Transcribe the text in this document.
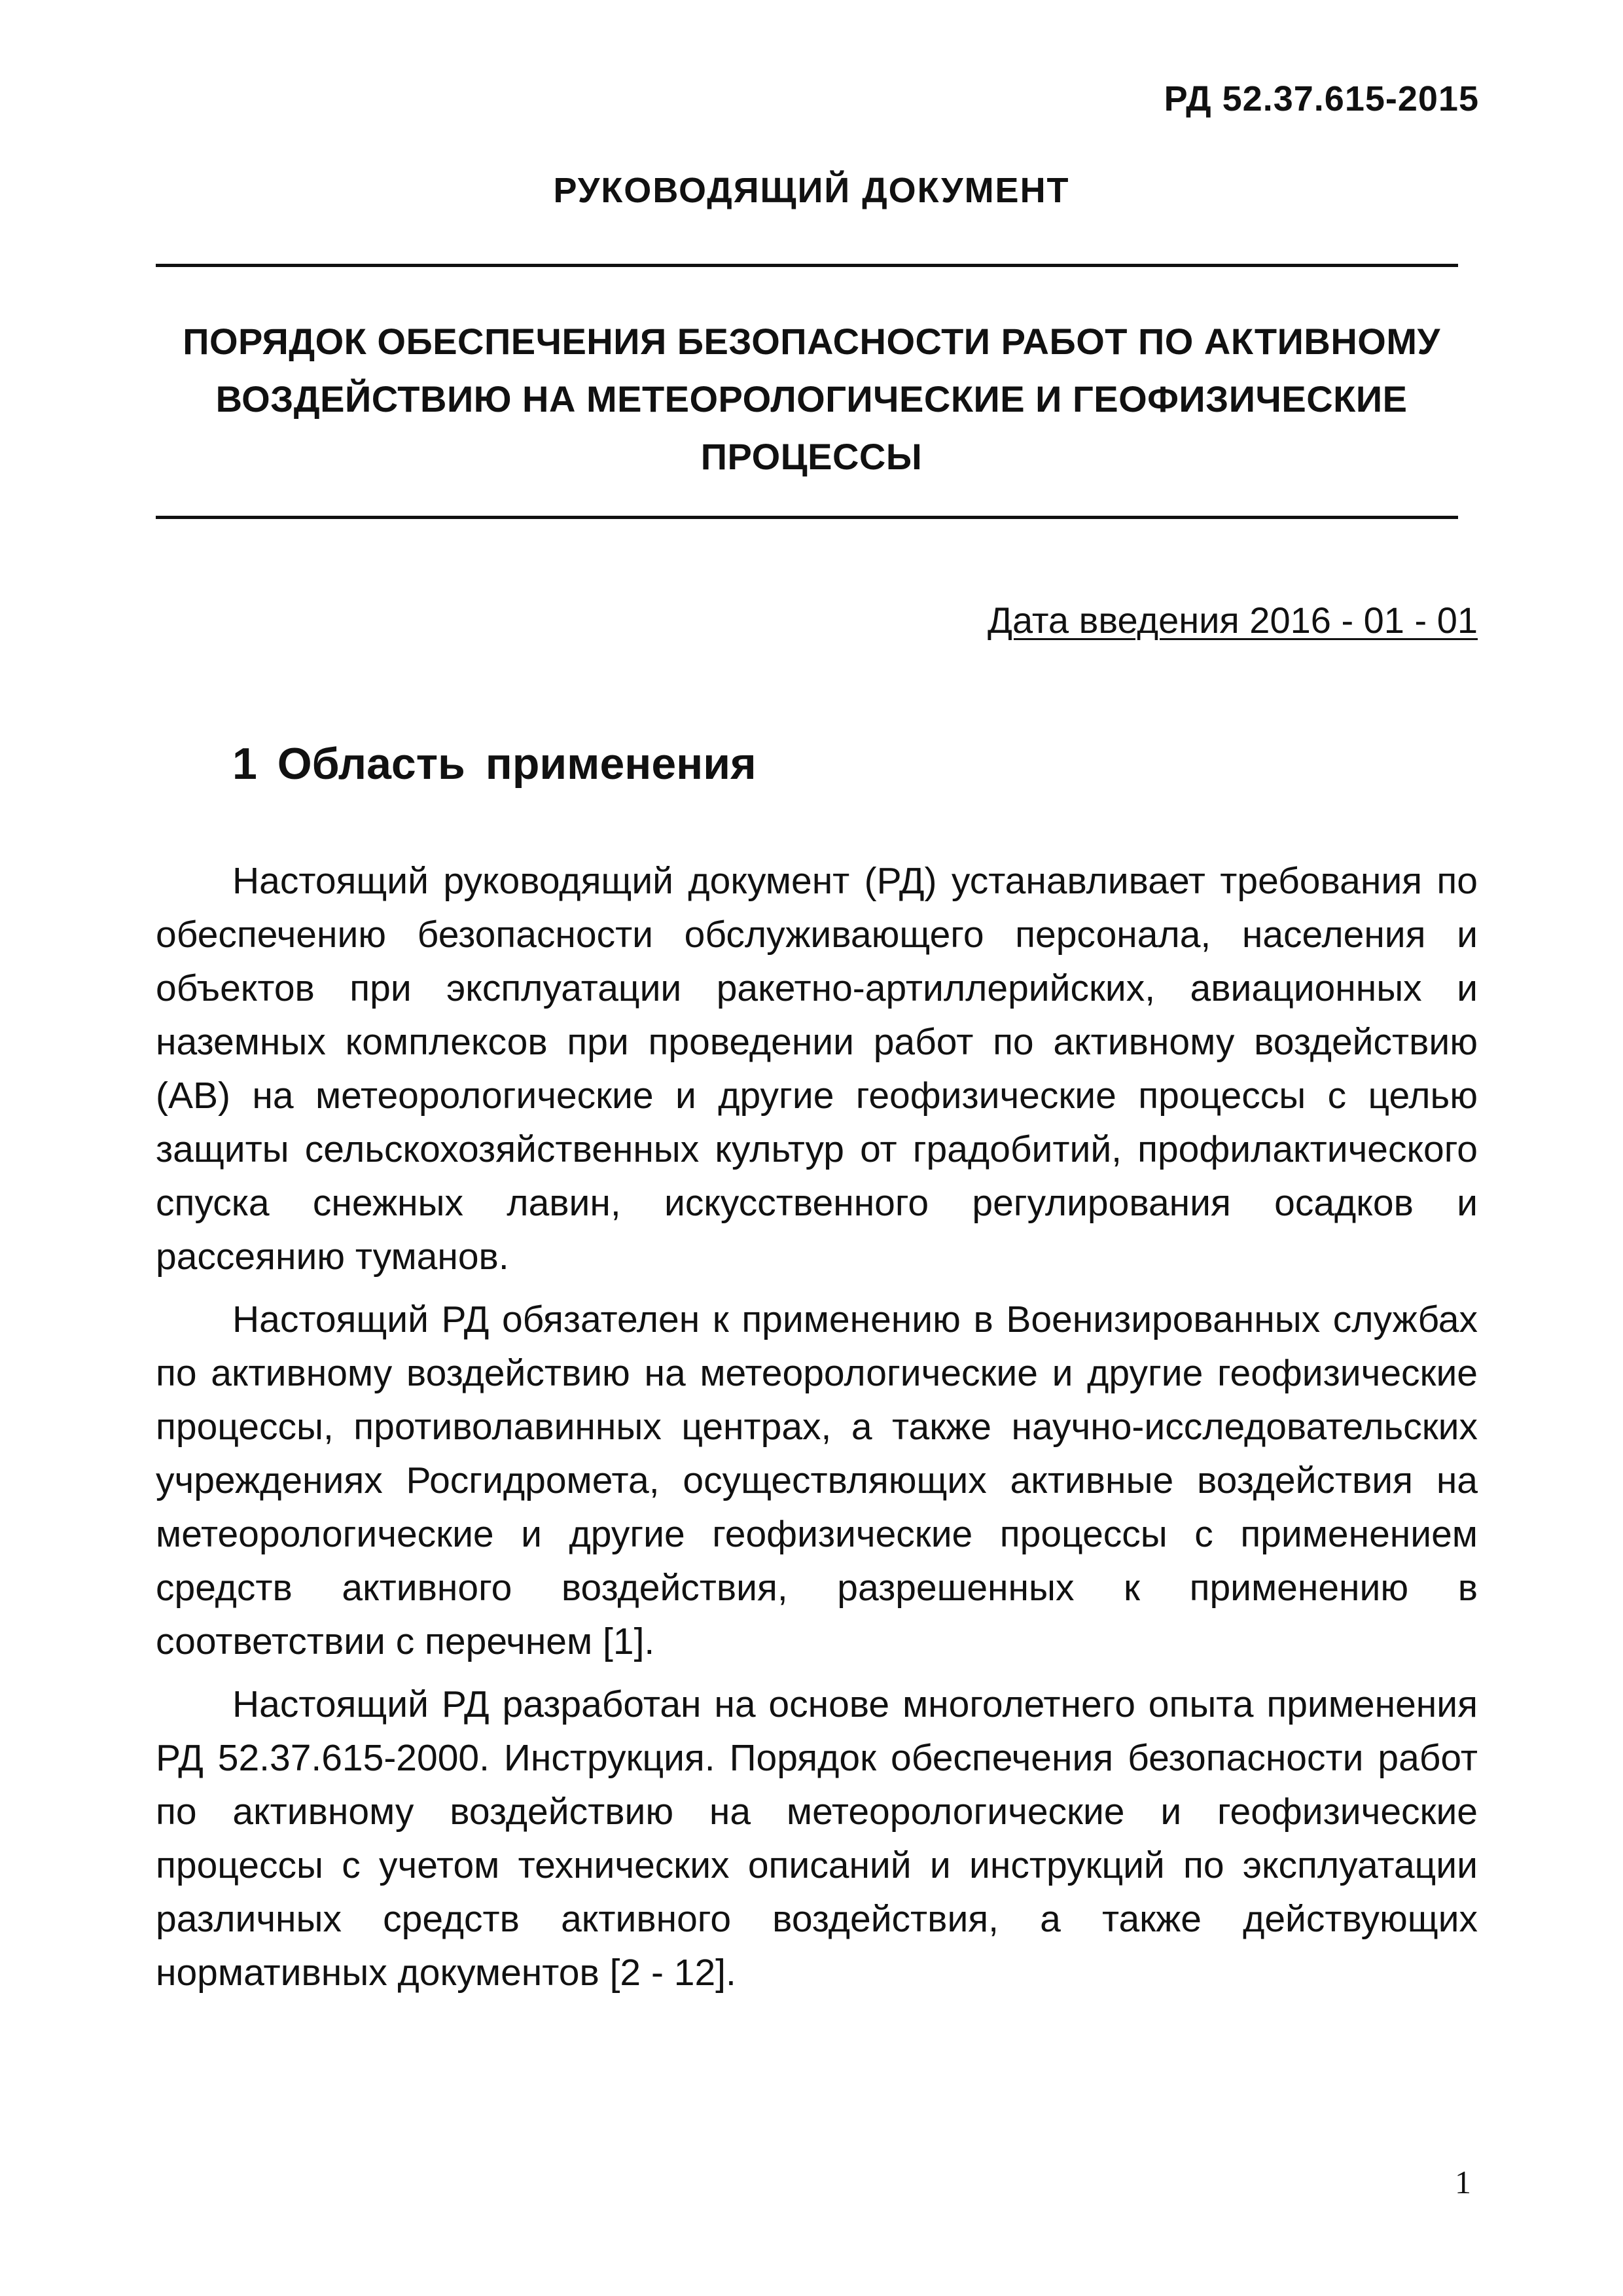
РД 52.37.615-2015
РУКОВОДЯЩИЙ ДОКУМЕНТ
ПОРЯДОК ОБЕСПЕЧЕНИЯ БЕЗОПАСНОСТИ РАБОТ ПО АКТИВНОМУ
ВОЗДЕЙСТВИЮ НА МЕТЕОРОЛОГИЧЕСКИЕ И ГЕОФИЗИЧЕСКИЕ
ПРОЦЕССЫ
Дата введения 2016 - 01 - 01
1 Область применения

Настоящий руководящий документ (РД) устанавливает требования по обеспечению безопасности обслуживающего персонала, населения и объектов при эксплуатации ракетно-артиллерийских, авиационных и наземных комплексов при проведении работ по активному воздействию (АВ) на метеорологические и другие геофизические процессы с целью защиты сельскохозяйственных культур от градобитий, профилактического спуска снежных лавин, искусственного регулирования осадков и рассеянию туманов.

Настоящий РД обязателен к применению в Военизированных службах по активному воздействию на метеорологические и другие геофизические процессы, противолавинных центрах, а также научно-исследовательских учреждениях Росгидромета, осуществляющих активные воздействия на метеорологические и другие геофизические процессы с применением средств активного воздействия, разрешенных к применению в соответствии с перечнем [1].

Настоящий РД разработан на основе многолетнего опыта применения РД 52.37.615-2000. Инструкция. Порядок обеспечения безопасности работ по активному воздействию на метеорологические и геофизические процессы с учетом технических описаний и инструкций по эксплуатации различных средств активного воздействия, а также действующих нормативных документов [2 - 12].

1
